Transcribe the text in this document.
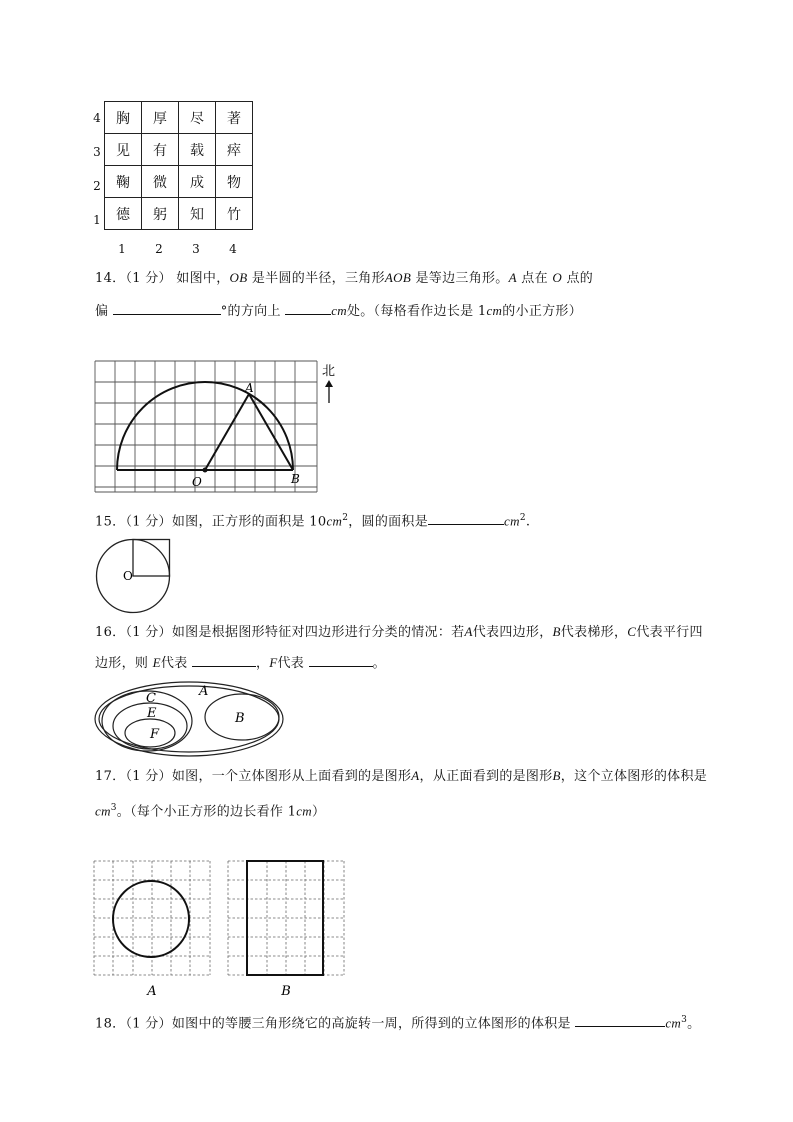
胸	厚	尽	著
见	有	载	瘁
鞠	微	成	物
德	躬	知	竹
4
3
2
1
1	2	3	4
14．（1 分） 如图中，OB 是半圆的半径，三角形AOB 是等边三角形。A 点在 O 点的
偏	°的方向上	cm处。（每格看作边长是 1cm的小正方形）
A
O	B
北
15．（1 分）如图，正方形的面积是 $10cm^2$，圆的面积是	$cm^2$.
O
16．（1 分）如图是根据图形特征对四边形进行分类的情况：若A代表四边形，B代表梯形，C代表平行四
边形，则 E代表	，F代表	。
A
B
C
E
F
17．（1 分）如图，一个立体图形从上面看到的是图形A，从正面看到的是图形B，这个立体图形的体积是
$cm^3$。（每个小正方形的边长看作 1cm）
A	B
18．（1 分）如图中的等腰三角形绕它的高旋转一周，所得到的立体图形的体积是	$cm^3$。
